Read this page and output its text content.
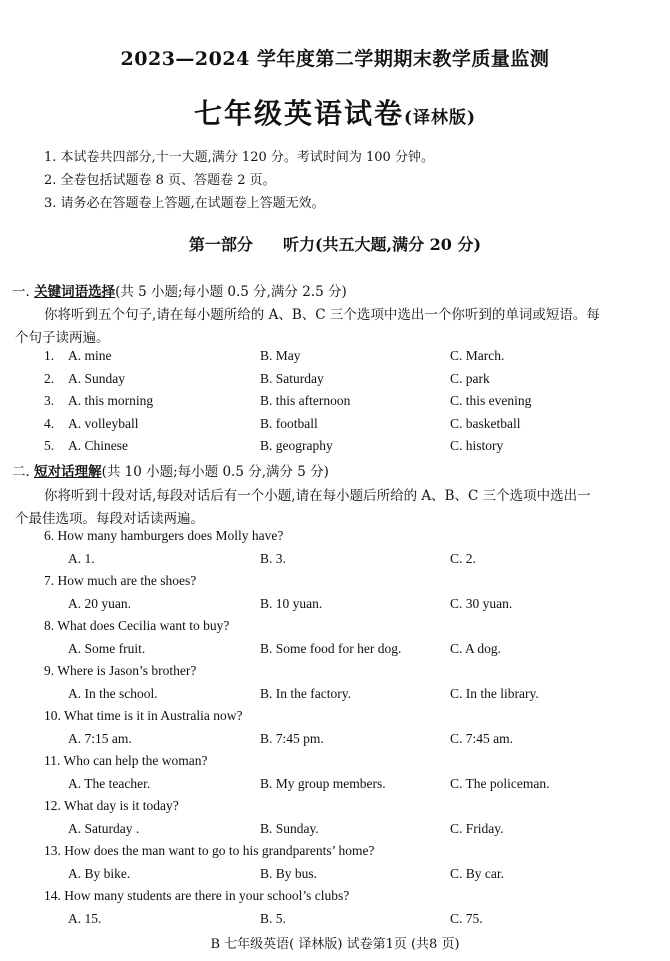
2023—2024 学年度第二学期期末教学质量监测
七年级英语试卷(译林版)
1. 本试卷共四部分,十一大题,满分 120 分。考试时间为 100 分钟。
2. 全卷包括试题卷 8 页、答题卷 2 页。
3. 请务必在答题卷上答题,在试题卷上答题无效。
第一部分 听力(共五大题,满分 20 分)
一. 关键词语选择(共 5 小题;每小题 0.5 分,满分 2.5 分)
你将听到五个句子,请在每小题所给的 A、B、C 三个选项中选出一个你听到的单词或短语。每
个句子读两遍。
1. A. mine	B. May	C. March.
2. A. Sunday	B. Saturday	C. park
3. A. this morning	B. this afternoon	C. this evening
4. A. volleyball	B. football	C. basketball
5. A. Chinese	B. geography	C. history
二. 短对话理解(共 10 小题;每小题 0.5 分,满分 5 分)
你将听到十段对话,每段对话后有一个小题,请在每小题后所给的 A、B、C 三个选项中选出一
个最佳选项。每段对话读两遍。
6. How many hamburgers does Molly have?
A. 1.	B. 3.	C. 2.
7. How much are the shoes?
A. 20 yuan.	B. 10 yuan.	C. 30 yuan.
8. What does Cecilia want to buy?
A. Some fruit.	B. Some food for her dog.	C. A dog.
9. Where is Jason’s brother?
A. In the school.	B. In the factory.	C. In the library.
10. What time is it in Australia now?
A. 7:15 am.	B. 7:45 pm.	C. 7:45 am.
11. Who can help the woman?
A. The teacher.	B. My group members.	C. The policeman.
12. What day is it today?
A. Saturday .	B. Sunday.	C. Friday.
13. How does the man want to go to his grandparents’ home?
A. By bike.	B. By bus.	C. By car.
14. How many students are there in your school’s clubs?
A. 15.	B. 5.	C. 75.
B 七年级英语( 译林版) 试卷第1页 (共8 页)
